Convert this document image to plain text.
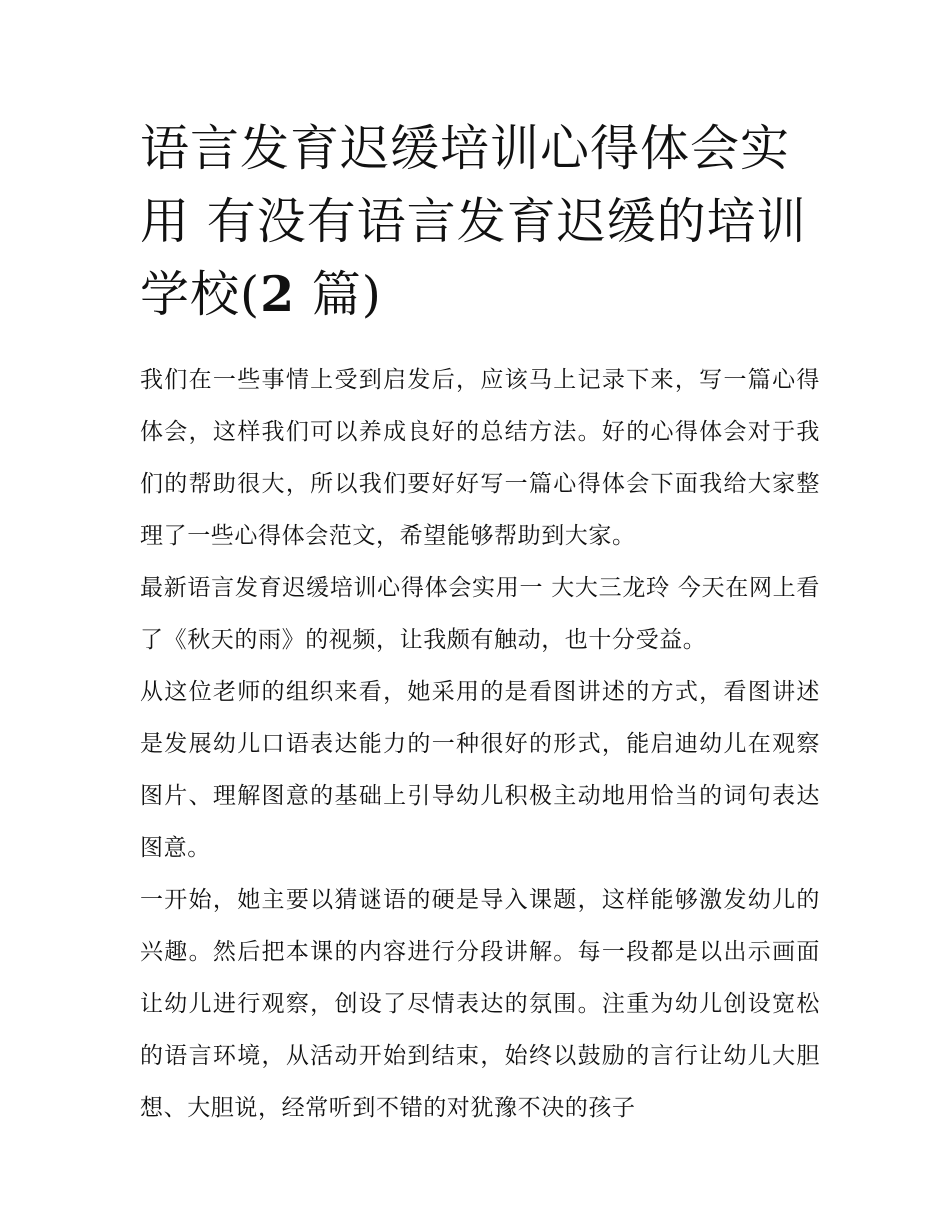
语言发育迟缓培训心得体会实用 有没有语言发育迟缓的培训学校(2 篇)

我们在一些事情上受到启发后，应该马上记录下来，写一篇心得体会，这样我们可以养成良好的总结方法。好的心得体会对于我们的帮助很大，所以我们要好好写一篇心得体会下面我给大家整理了一些心得体会范文，希望能够帮助到大家。

最新语言发育迟缓培训心得体会实用一 大大三龙玲 今天在网上看了《秋天的雨》的视频，让我颇有触动，也十分受益。

从这位老师的组织来看，她采用的是看图讲述的方式，看图讲述是发展幼儿口语表达能力的一种很好的形式，能启迪幼儿在观察图片、理解图意的基础上引导幼儿积极主动地用恰当的词句表达图意。

一开始，她主要以猜谜语的硬是导入课题，这样能够激发幼儿的兴趣。然后把本课的内容进行分段讲解。每一段都是以出示画面让幼儿进行观察，创设了尽情表达的氛围。注重为幼儿创设宽松的语言环境，从活动开始到结束，始终以鼓励的言行让幼儿大胆想、大胆说，经常听到不错的对犹豫不决的孩子
